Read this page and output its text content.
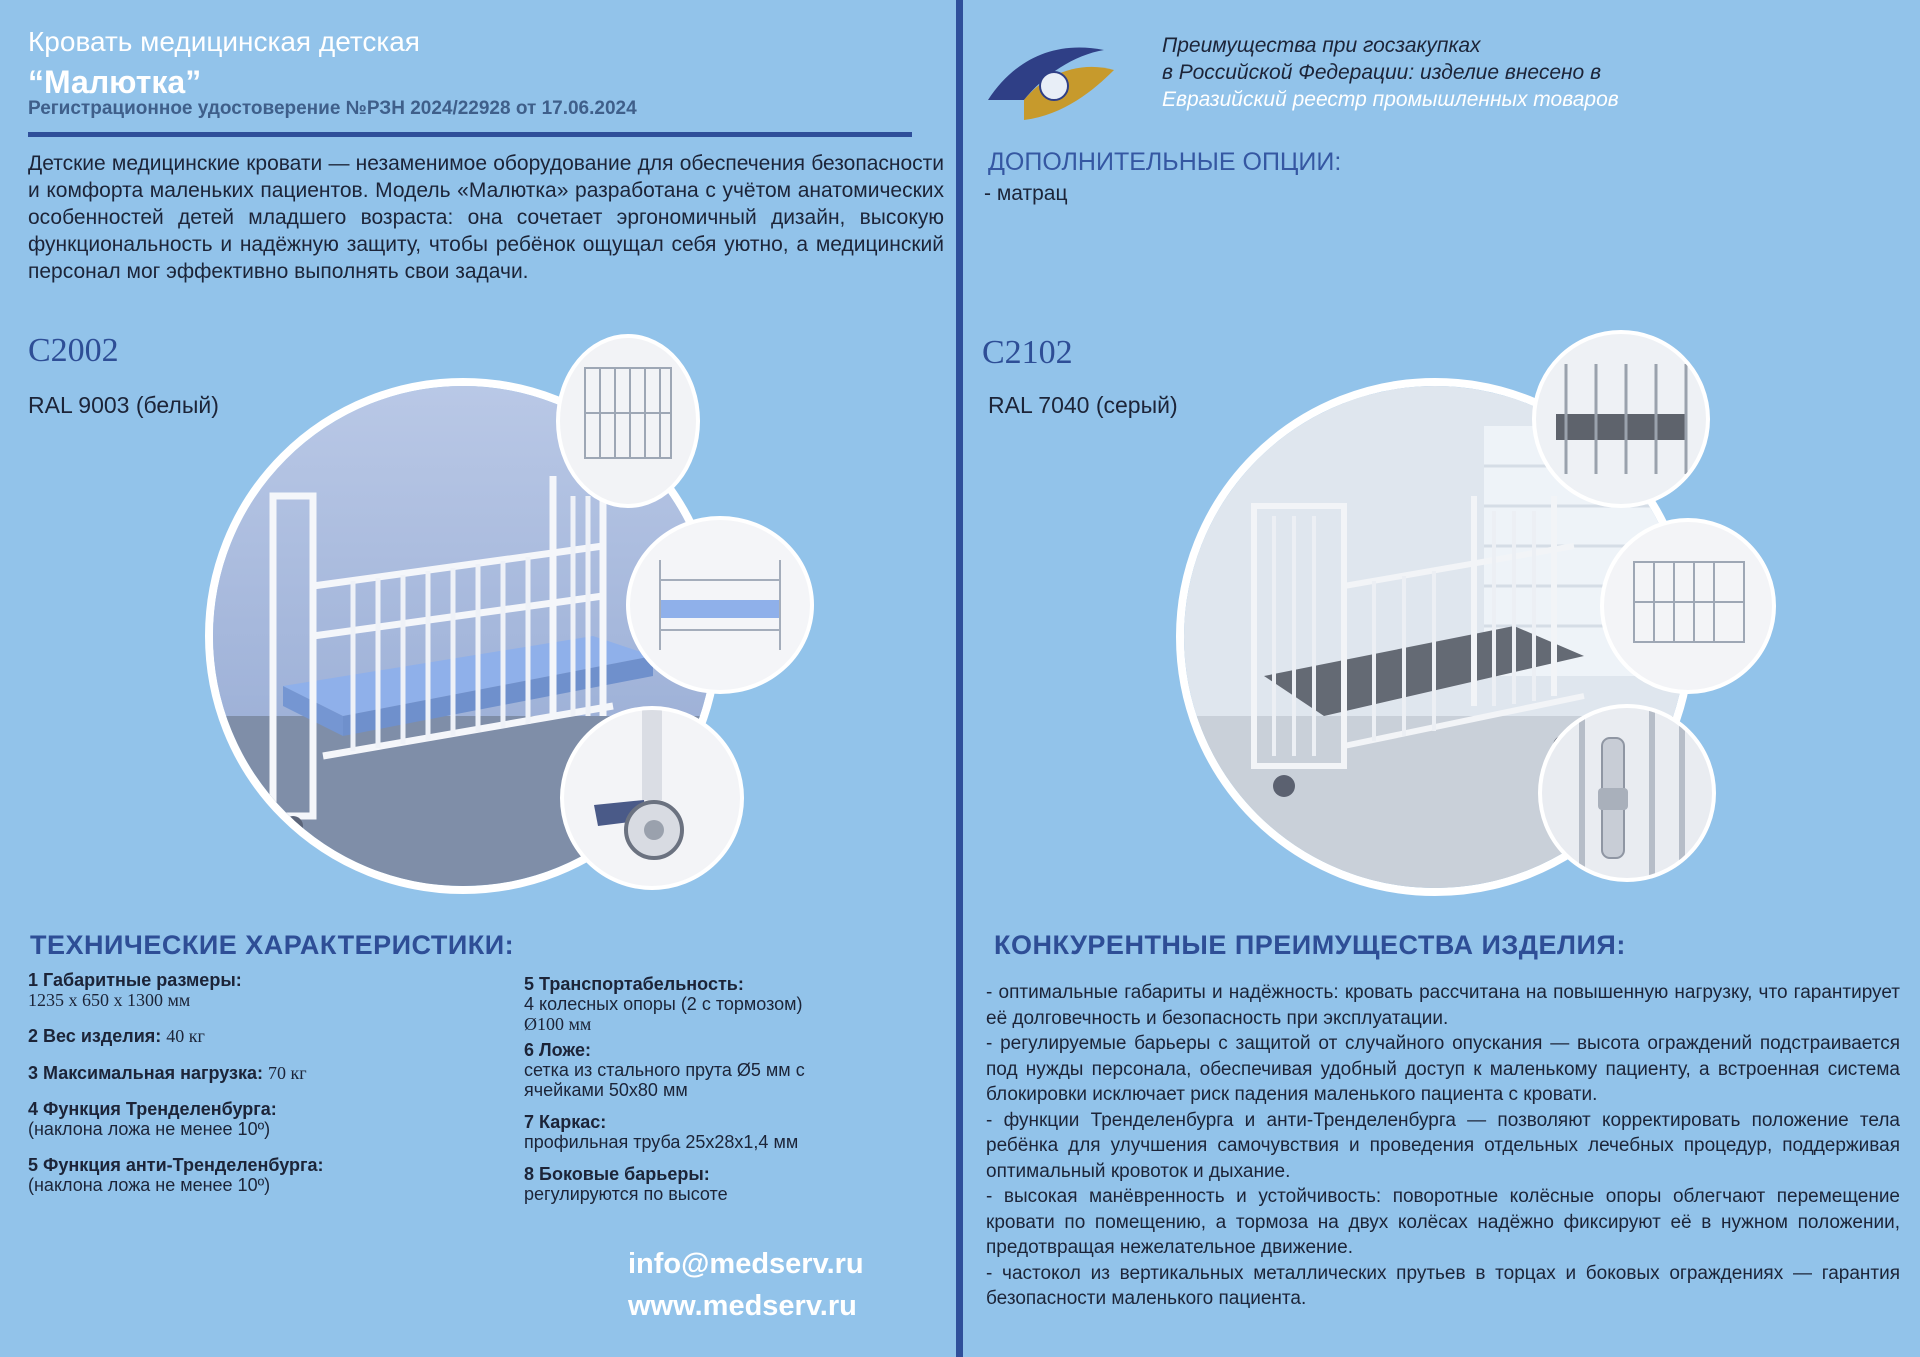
Кровать медицинская детская
“Малютка”
Регистрационное удостоверение №РЗН 2024/22928 от 17.06.2024
Детские медицинские кровати — незаменимое оборудование для обеспечения безопасности и комфорта маленьких пациентов. Модель «Малютка» разработана с учётом анатомических особенностей детей младшего возраста: она сочетает эргономичный дизайн, высокую функциональность и надёжную защиту, чтобы ребёнок ощущал себя уютно, а медицинский персонал мог эффективно выполнять свои задачи.
С2002
RAL 9003 (белый)
Преимущества при госзакупках
в Российской Федерации: изделие внесено в
Евразийский реестр промышленных товаров
ДОПОЛНИТЕЛЬНЫЕ ОПЦИИ:
- матрац
С2102
RAL 7040 (серый)
ТЕХНИЧЕСКИЕ ХАРАКТЕРИСТИКИ:
1 Габаритные размеры:
1235 х 650 х 1300 мм
2 Вес изделия: 40 кг
3 Максимальная нагрузка: 70 кг
4 Функция Тренделенбурга:
(наклона ложа не менее 10º)
5 Функция анти-Тренделенбурга:
(наклона ложа не менее 10º)
5 Транспортабельность:
4 колесных опоры (2 с тормозом)
Ø100 мм
6 Ложе:
сетка из стального прута Ø5 мм с
ячейками 50х80 мм
7 Каркас:
профильная труба 25х28х1,4 мм
8 Боковые барьеры:
регулируются по высоте
info@medserv.ru
www.medserv.ru
КОНКУРЕНТНЫЕ ПРЕИМУЩЕСТВА ИЗДЕЛИЯ:

- оптимальные габариты и надёжность: кровать рассчитана на повышенную нагрузку, что гарантирует её долговечность и безопасность при эксплуатации.

- регулируемые барьеры с защитой от случайного опускания — высота ограждений подстраивается под нужды персонала, обеспечивая удобный доступ к маленькому пациенту, а встроенная система блокировки исключает риск падения маленького пациента с кровати.

- функции Тренделенбурга и анти-Тренделенбурга — позволяют корректировать положение тела ребёнка для улучшения самочувствия и проведения отдельных лечебных процедур, поддерживая оптимальный кровоток и дыхание.

- высокая манёвренность и устойчивость: поворотные колёсные опоры облегчают перемещение кровати по помещению, а тормоза на двух колёсах надёжно фиксируют её в нужном положении, предотвращая нежелательное движение.

- частокол из вертикальных металлических прутьев в торцах и боковых ограждениях — гарантия безопасности маленького пациента.
